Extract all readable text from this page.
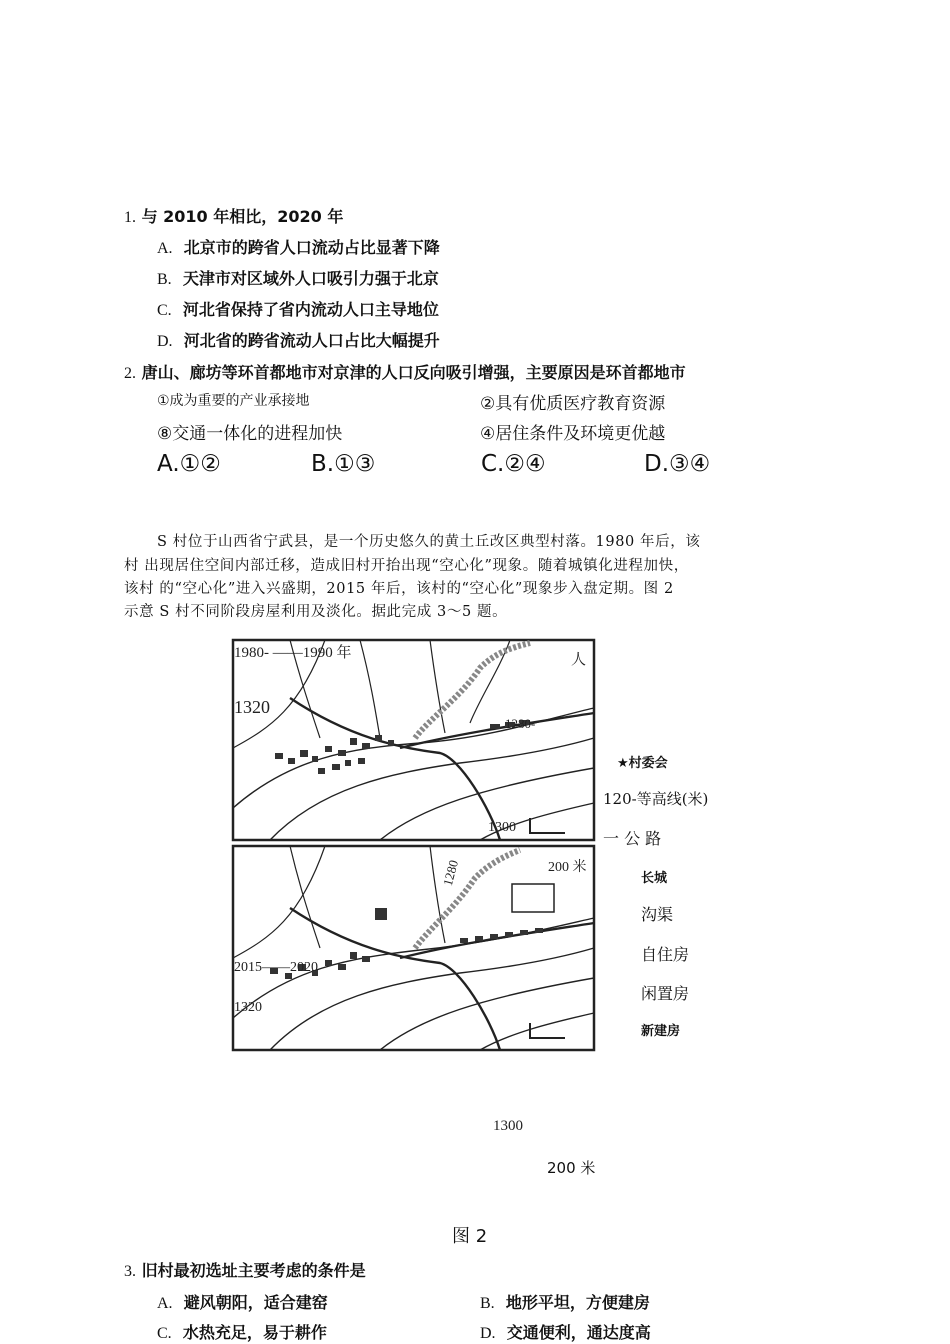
1. 与 2010 年相比，2020 年
A. 北京市的跨省人口流动占比显著下降
B. 天津市对区域外人口吸引力强于北京
C. 河北省保持了省内流动人口主导地位
D. 河北省的跨省流动人口占比大幅提升
2. 唐山、廊坊等环首都地市对京津的人口反向吸引增强，主要原因是环首都地市
①成为重要的产业承接地	②具有优质医疗教育资源
⑧交通一体化的进程加快	④居住条件及环境更优越
A.①②	B.①③	C.②④	D.③④
S 村位于山西省宁武县，是一个历史悠久的黄土丘改区典型村落。1980 年后，该
村 出现居住空间内部迁移，造成旧村开抬出现“空心化”现象。随着城镇化进程加快，
该村 的“空心化”进入兴盛期，2015 年后，该村的“空心化”现象步入盘定期。图 2
示意 S 村不同阶段房屋利用及淡化。据此完成 3～5 题。
1980- ——1990 年	人
1320
1280-
1300
200 米
1280
2015——2020
1320
★村委会
120-等高线(米)
一 公 路
长城
沟渠
自住房
闲置房
新建房
1300
200 米
图 2
3. 旧村最初选址主要考虑的条件是
A. 避风朝阳，适合建窑	B. 地形平坦，方便建房
C. 水热充足，易于耕作	D. 交通便利，通达度高
